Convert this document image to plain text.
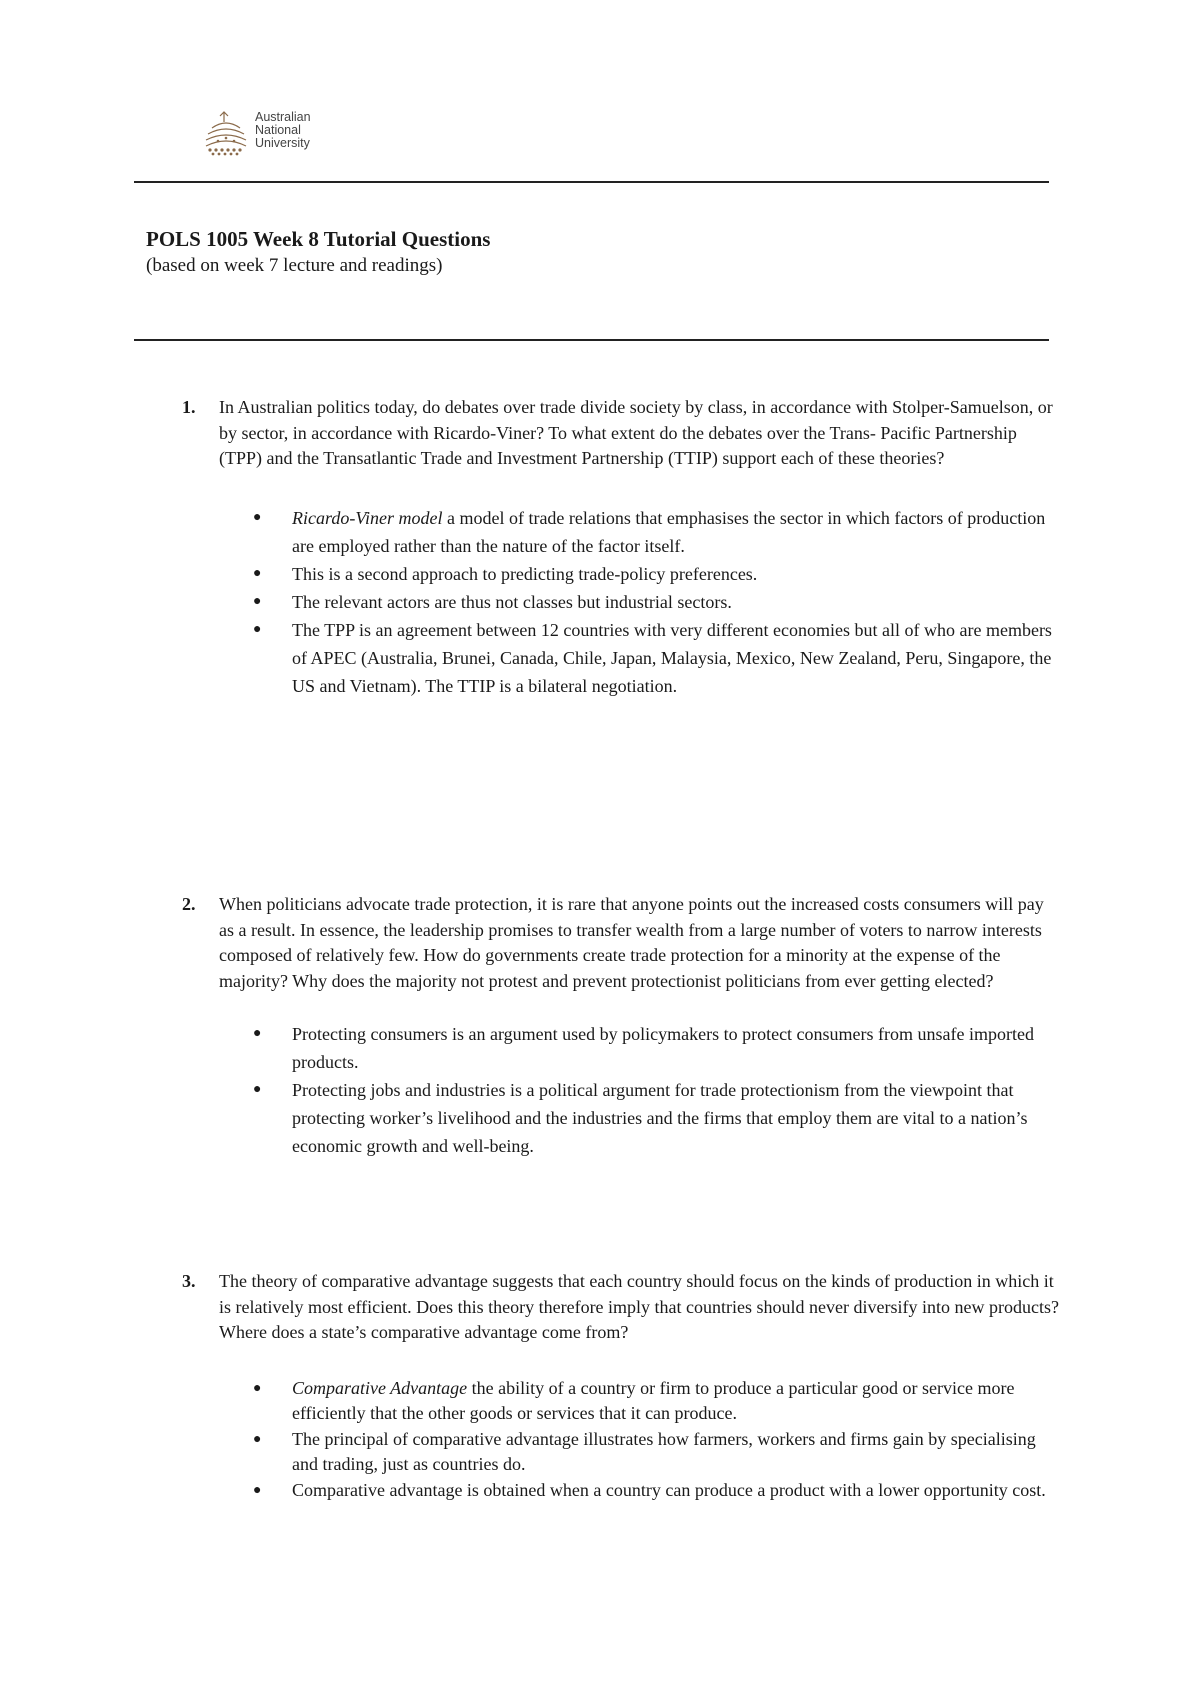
Australian
National
University
POLS 1005 Week 8 Tutorial Questions
(based on week 7 lecture and readings)
1. In Australian politics today, do debates over trade divide society by class, in accordance with Stolper-Samuelson, or by sector, in accordance with Ricardo-Viner? To what extent do the debates over the Trans- Pacific Partnership (TPP) and the Transatlantic Trade and Investment Partnership (TTIP) support each of these theories?
● Ricardo-Viner model a model of trade relations that emphasises the sector in which factors of production are employed rather than the nature of the factor itself.
● This is a second approach to predicting trade-policy preferences.
● The relevant actors are thus not classes but industrial sectors.
● The TPP is an agreement between 12 countries with very different economies but all of who are members of APEC (Australia, Brunei, Canada, Chile, Japan, Malaysia, Mexico, New Zealand, Peru, Singapore, the US and Vietnam). The TTIP is a bilateral negotiation.
2. When politicians advocate trade protection, it is rare that anyone points out the increased costs consumers will pay as a result. In essence, the leadership promises to transfer wealth from a large number of voters to narrow interests composed of relatively few. How do governments create trade protection for a minority at the expense of the majority? Why does the majority not protest and prevent protectionist politicians from ever getting elected?
● Protecting consumers is an argument used by policymakers to protect consumers from unsafe imported products.
● Protecting jobs and industries is a political argument for trade protectionism from the viewpoint that protecting worker’s livelihood and the industries and the firms that employ them are vital to a nation’s economic growth and well-being.
3. The theory of comparative advantage suggests that each country should focus on the kinds of production in which it is relatively most efficient. Does this theory therefore imply that countries should never diversify into new products? Where does a state’s comparative advantage come from?
● Comparative Advantage the ability of a country or firm to produce a particular good or service more efficiently that the other goods or services that it can produce.
● The principal of comparative advantage illustrates how farmers, workers and firms gain by specialising and trading, just as countries do.
● Comparative advantage is obtained when a country can produce a product with a lower opportunity cost.
